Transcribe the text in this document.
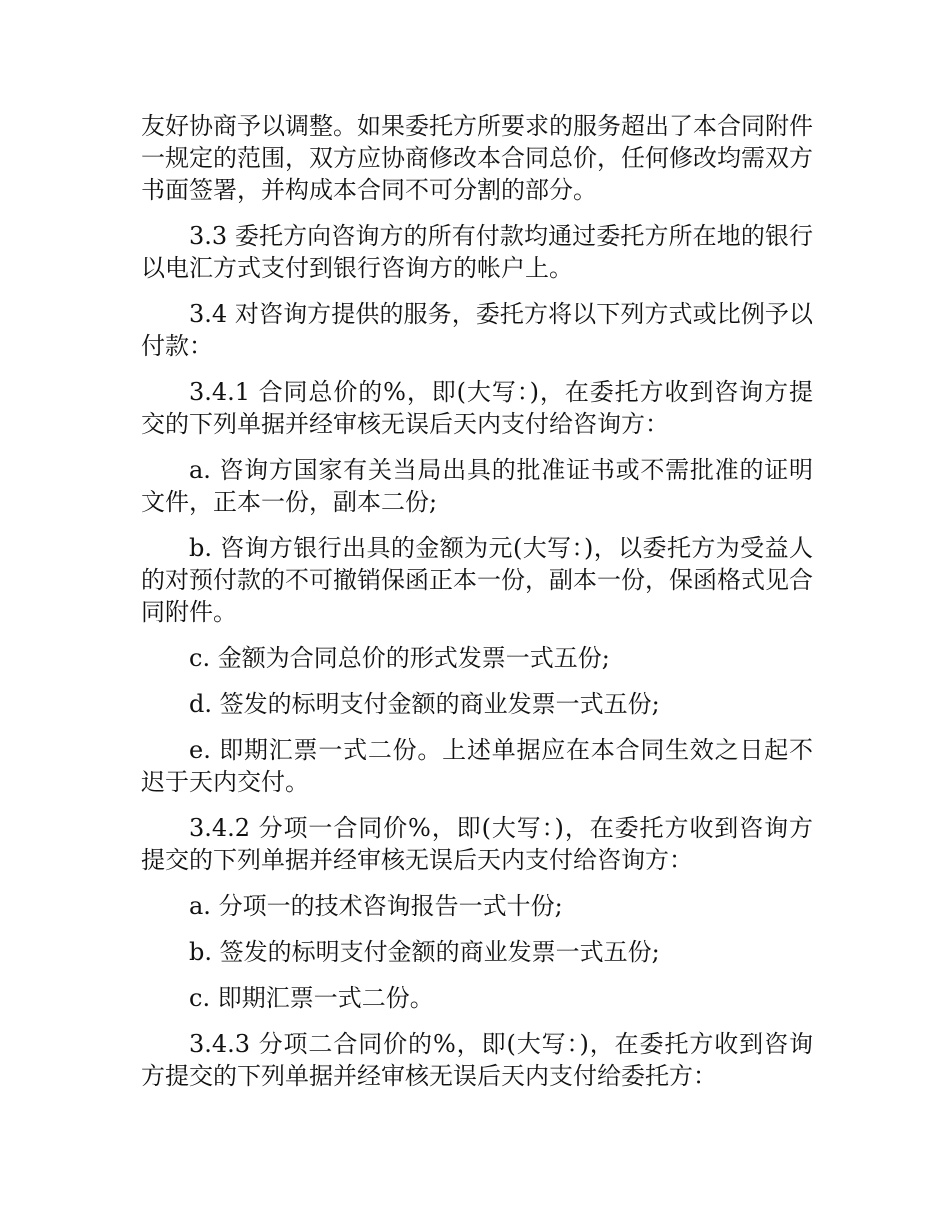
友好协商予以调整。如果委托方所要求的服务超出了本合同附件一规定的范围，双方应协商修改本合同总价，任何修改均需双方书面签署，并构成本合同不可分割的部分。

3.3 委托方向咨询方的所有付款均通过委托方所在地的银行以电汇方式支付到银行咨询方的帐户上。

3.4 对咨询方提供的服务，委托方将以下列方式或比例予以付款：

3.4.1 合同总价的%，即(大写：)，在委托方收到咨询方提交的下列单据并经审核无误后天内支付给咨询方：

a. 咨询方国家有关当局出具的批准证书或不需批准的证明文件，正本一份，副本二份;

b. 咨询方银行出具的金额为元(大写：)，以委托方为受益人的对预付款的不可撤销保函正本一份，副本一份，保函格式见合同附件。

c. 金额为合同总价的形式发票一式五份;

d. 签发的标明支付金额的商业发票一式五份;

e. 即期汇票一式二份。上述单据应在本合同生效之日起不迟于天内交付。

3.4.2 分项一合同价%，即(大写：)，在委托方收到咨询方提交的下列单据并经审核无误后天内支付给咨询方：

a. 分项一的技术咨询报告一式十份;

b. 签发的标明支付金额的商业发票一式五份;

c. 即期汇票一式二份。

3.4.3 分项二合同价的%，即(大写：)，在委托方收到咨询方提交的下列单据并经审核无误后天内支付给委托方：
